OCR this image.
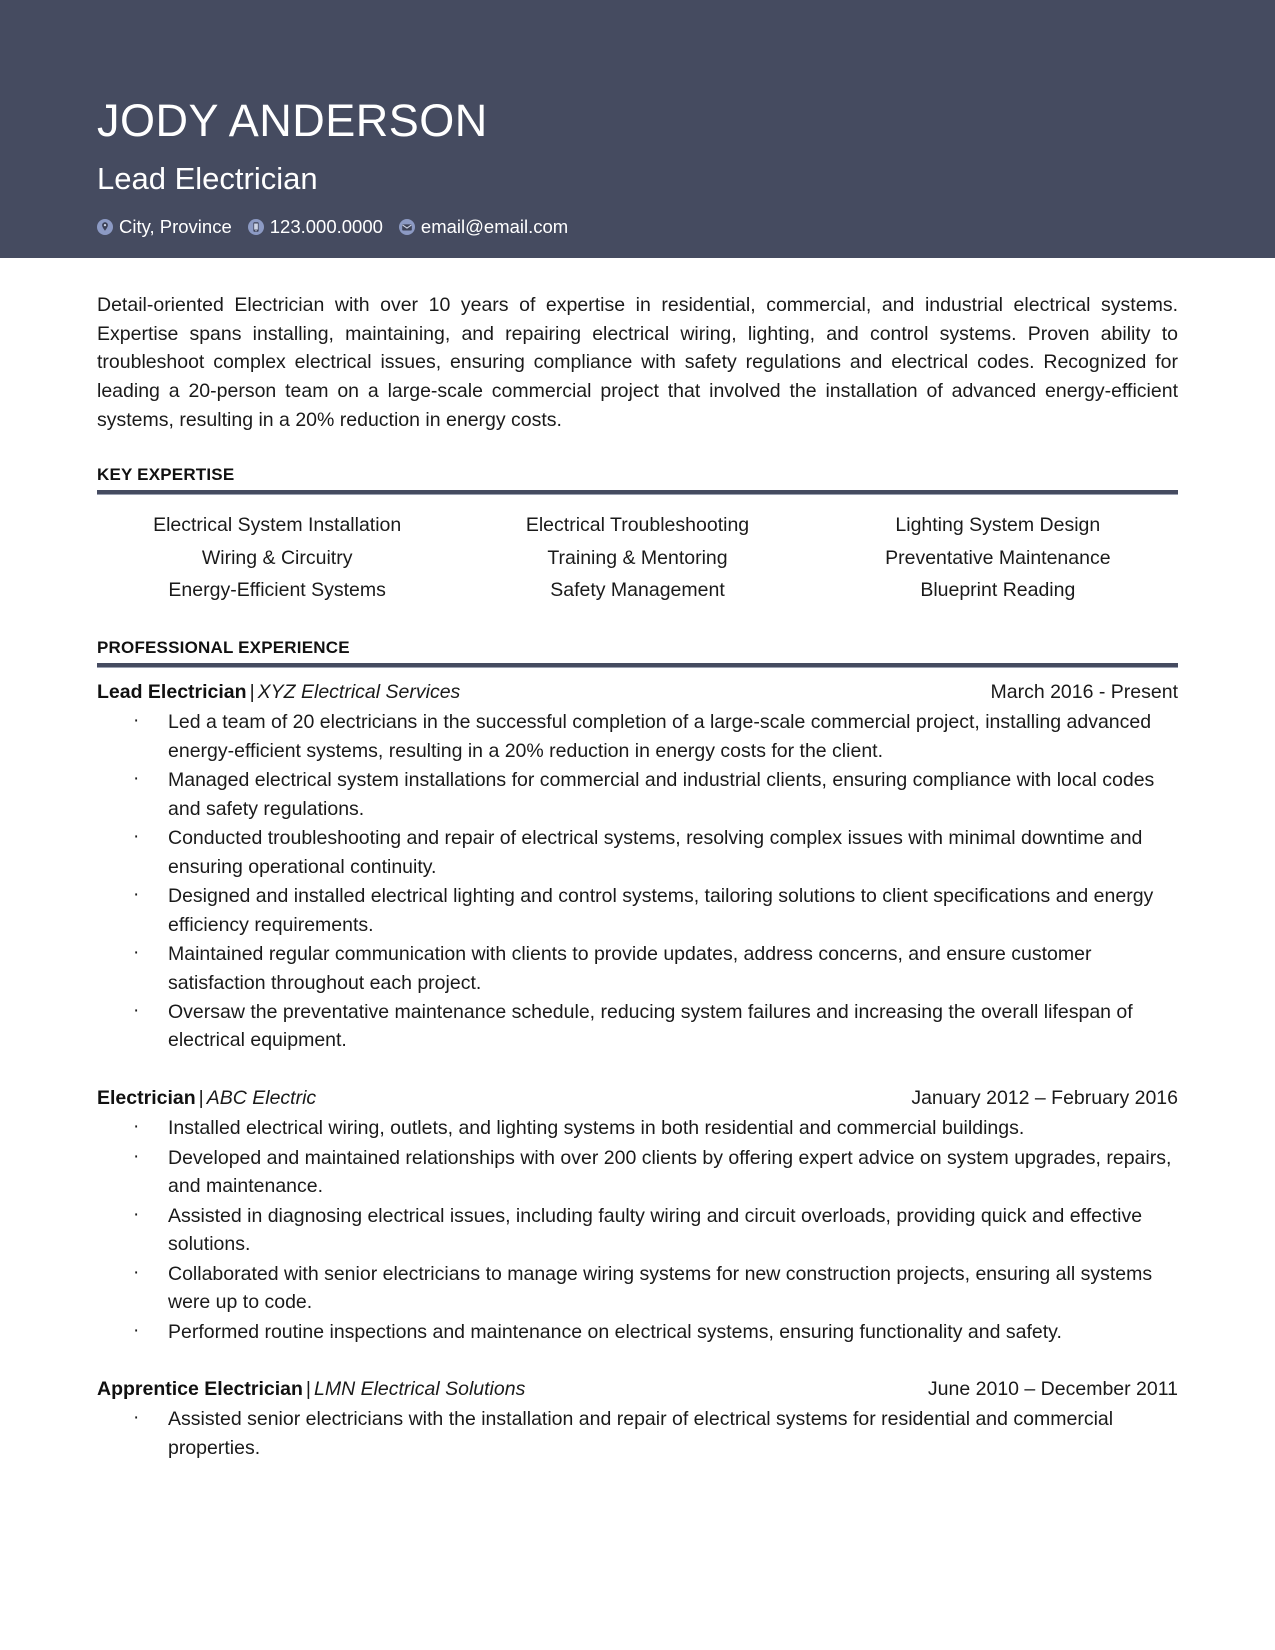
JODY ANDERSON
Lead Electrician
City, Province 123.000.0000 email@email.com

Detail-oriented Electrician with over 10 years of expertise in residential, commercial, and industrial electrical systems. Expertise spans installing, maintaining, and repairing electrical wiring, lighting, and control systems. Proven ability to troubleshoot complex electrical issues, ensuring compliance with safety regulations and electrical codes. Recognized for leading a 20-person team on a large-scale commercial project that involved the installation of advanced energy-efficient systems, resulting in a 20% reduction in energy costs.

KEY EXPERTISE
Electrical System Installation	Electrical Troubleshooting	Lighting System Design
Wiring & Circuitry	Training & Mentoring	Preventative Maintenance
Energy-Efficient Systems	Safety Management	Blueprint Reading
PROFESSIONAL EXPERIENCE
Lead Electrician | XYZ Electrical Services	March 2016 - Present
· Led a team of 20 electricians in the successful completion of a large-scale commercial project, installing advanced energy-efficient systems, resulting in a 20% reduction in energy costs for the client.
· Managed electrical system installations for commercial and industrial clients, ensuring compliance with local codes and safety regulations.
· Conducted troubleshooting and repair of electrical systems, resolving complex issues with minimal downtime and ensuring operational continuity.
· Designed and installed electrical lighting and control systems, tailoring solutions to client specifications and energy efficiency requirements.
· Maintained regular communication with clients to provide updates, address concerns, and ensure customer satisfaction throughout each project.
· Oversaw the preventative maintenance schedule, reducing system failures and increasing the overall lifespan of electrical equipment.
Electrician | ABC Electric	January 2012 – February 2016
· Installed electrical wiring, outlets, and lighting systems in both residential and commercial buildings.
· Developed and maintained relationships with over 200 clients by offering expert advice on system upgrades, repairs, and maintenance.
· Assisted in diagnosing electrical issues, including faulty wiring and circuit overloads, providing quick and effective solutions.
· Collaborated with senior electricians to manage wiring systems for new construction projects, ensuring all systems were up to code.
· Performed routine inspections and maintenance on electrical systems, ensuring functionality and safety.
Apprentice Electrician | LMN Electrical Solutions	June 2010 – December 2011
· Assisted senior electricians with the installation and repair of electrical systems for residential and commercial properties.
